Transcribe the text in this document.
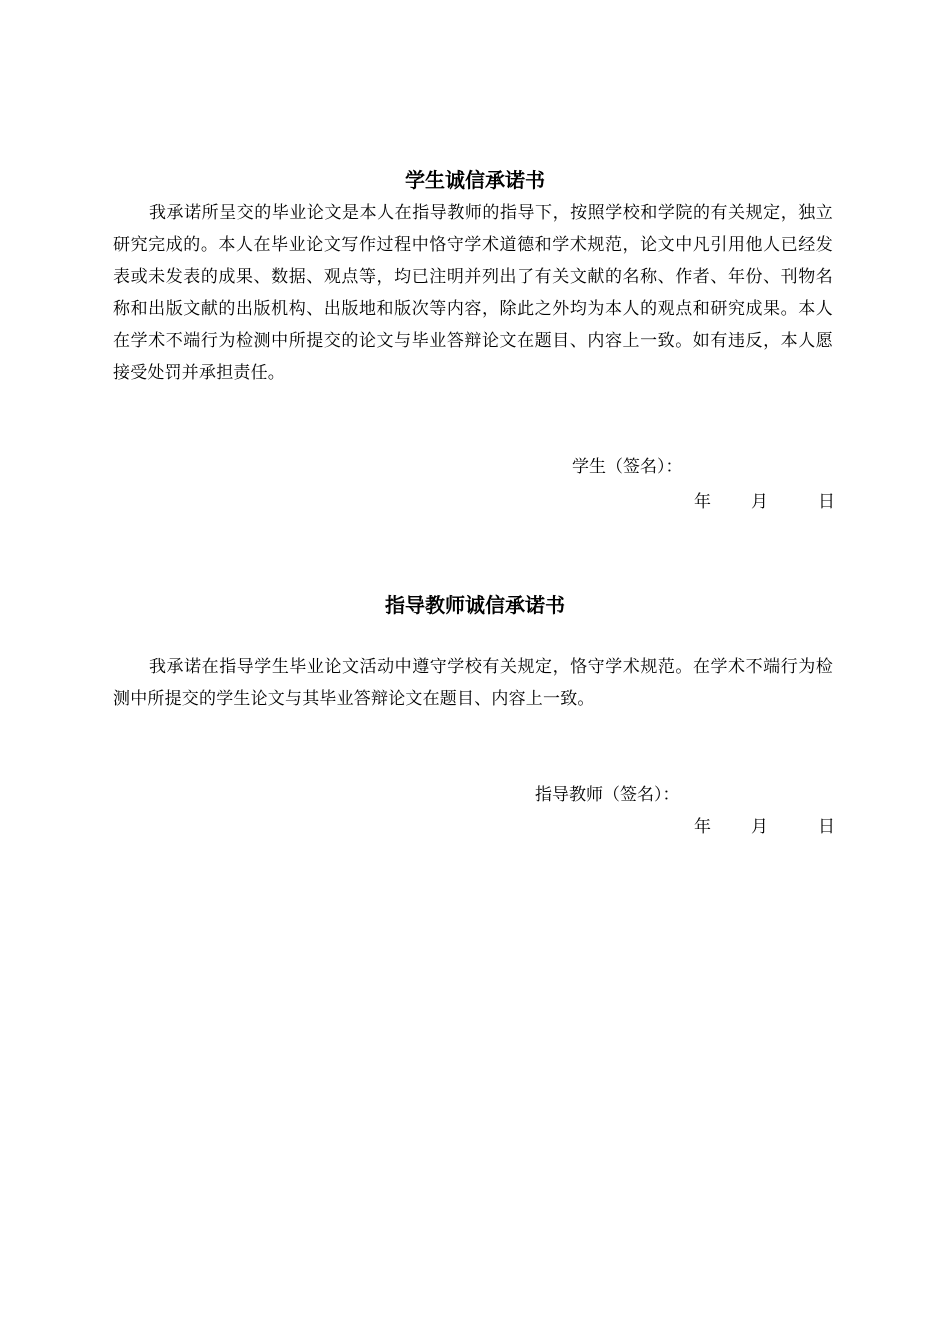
学生诚信承诺书

我承诺所呈交的毕业论文是本人在指导教师的指导下，按照学校和学院的有关规定，独立研究完成的。本人在毕业论文写作过程中恪守学术道德和学术规范，论文中凡引用他人已经发表或未发表的成果、数据、观点等，均已注明并列出了有关文献的名称、作者、年份、刊物名称和出版文献的出版机构、出版地和版次等内容，除此之外均为本人的观点和研究成果。本人在学术不端行为检测中所提交的论文与毕业答辩论文在题目、内容上一致。如有违反，本人愿接受处罚并承担责任。

学生（签名）：
年 月	日
指导教师诚信承诺书

我承诺在指导学生毕业论文活动中遵守学校有关规定，恪守学术规范。在学术不端行为检测中所提交的学生论文与其毕业答辩论文在题目、内容上一致。

指导教师（签名）：
年 月	日
